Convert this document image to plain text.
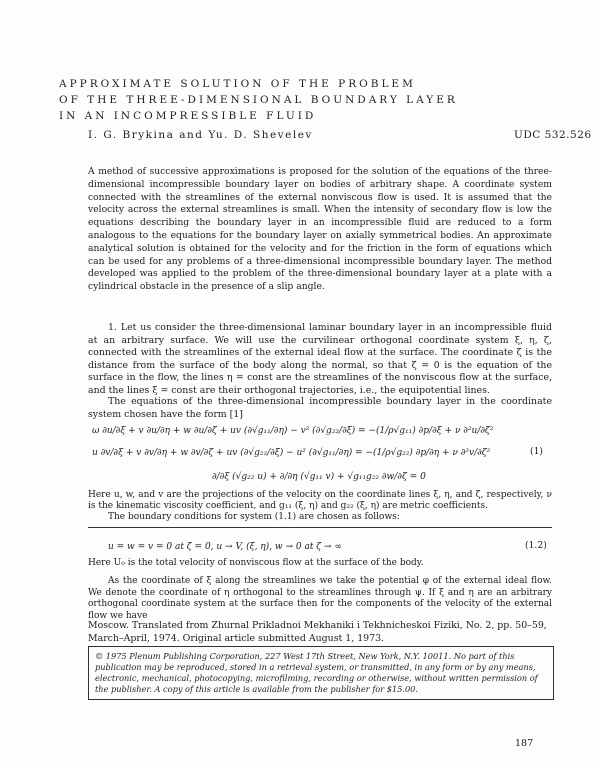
APPROXIMATE SOLUTION OF THE PROBLEM
OF THE THREE-DIMENSIONAL BOUNDARY LAYER
IN AN INCOMPRESSIBLE FLUID
I. G. Brykina and Yu. D. Shevelev	UDC 532.526

A method of successive approximations is proposed for the solution of the equations of the three-dimensional incompressible boundary layer on bodies of arbitrary shape. A coordinate system connected with the streamlines of the external nonviscous flow is used. It is assumed that the velocity across the external streamlines is small. When the intensity of secondary flow is low the equations describing the boundary layer in an incompressible fluid are reduced to a form analogous to the equations for the boundary layer on axially symmetrical bodies. An approximate analytical solution is obtained for the velocity and for the friction in the form of equations which can be used for any problems of a three-dimensional incompressible boundary layer. The method developed was applied to the problem of the three-dimensional boundary layer at a plate with a cylindrical obstacle in the presence of a slip angle.

1. Let us consider the three-dimensional laminar boundary layer in an incompressible fluid at an arbitrary surface. We will use the curvilinear orthogonal coordinate system ξ, η, ζ, connected with the streamlines of the external ideal flow at the surface. The coordinate ζ is the distance from the surface of the body along the normal, so that ζ = 0 is the equation of the surface in the flow, the lines η = const are the streamlines of the nonviscous flow at the surface, and the lines ξ = const are their orthogonal trajectories, i.e., the equipotential lines.

The equations of the three-dimensional incompressible boundary layer in the coordinate system chosen have the form [1]

ω ∂u/∂ξ + v ∂u/∂η + w ∂u/∂ζ + uv (∂√g₁₁/∂η) − v² (∂√g₂₂/∂ξ) = −(1/ρ√g₁₁) ∂p/∂ξ + ν ∂²u/∂ζ²
u ∂v/∂ξ + v ∂v/∂η + w ∂v/∂ζ + uv (∂√g₂₂/∂ξ) − u² (∂√g₁₁/∂η) = −(1/ρ√g₂₂) ∂p/∂η + ν ∂²v/∂ζ²	(1)
∂/∂ξ (√g₂₂ u) + ∂/∂η (√g₁₁ v) + √g₁₁g₂₂ ∂w/∂ζ = 0

Here u, w, and v are the projections of the velocity on the coordinate lines ξ, η, and ζ, respectively, ν is the kinematic viscosity coefficient, and g₁₁ (ξ, η) and g₂₂ (ξ, η) are metric coefficients.

The boundary conditions for system (1.1) are chosen as follows:

Moscow. Translated from Zhurnal Prikladnoi Mekhaniki i Tekhnicheskoi Fiziki, No. 2, pp. 50–59, March–April, 1974. Original article submitted August 1, 1973.

© 1975 Plenum Publishing Corporation, 227 West 17th Street, New York, N.Y. 10011. No part of this publication may be reproduced, stored in a retrieval system, or transmitted, in any form or by any means, electronic, mechanical, photocopying, microfilming, recording or otherwise, without written permission of the publisher. A copy of this article is available from the publisher for $15.00.
u = w = v = 0 at ζ = 0, u → V, (ξ, η), w → 0 at ζ → ∞	(1.2)

Here U₀ is the total velocity of nonviscous flow at the surface of the body.

As the coordinate of ξ along the streamlines we take the potential φ of the external ideal flow. We denote the coordinate of η orthogonal to the streamlines through ψ. If ξ and η are an arbitrary orthogonal coordinate system at the surface then for the components of the velocity of the external flow we have

187
